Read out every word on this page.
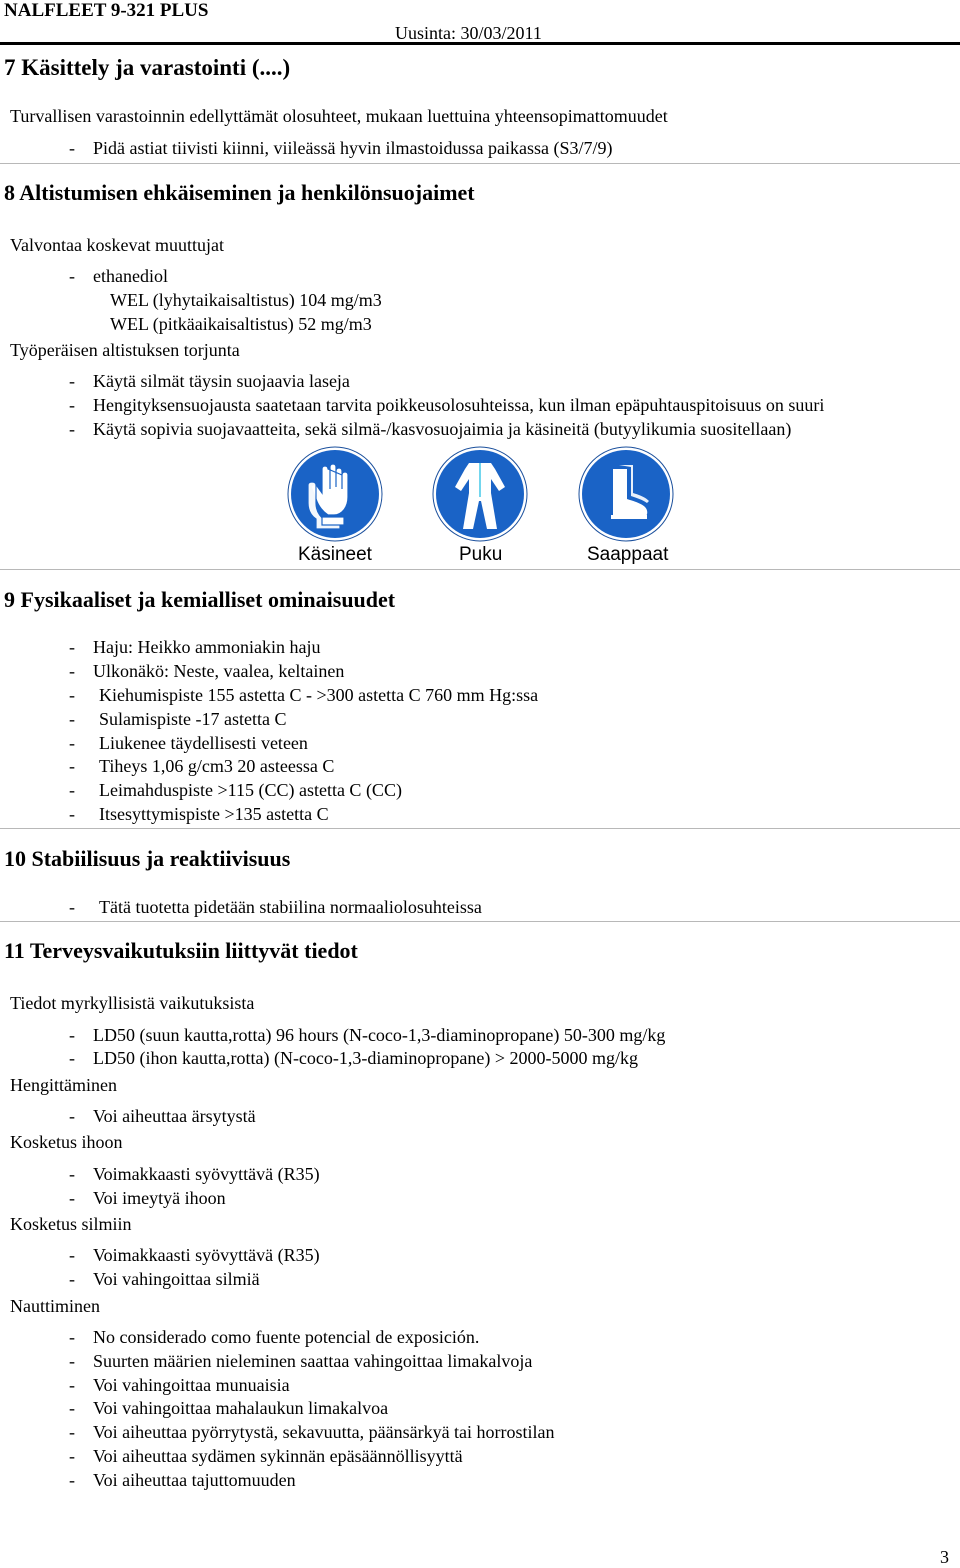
NALFLEET 9-321 PLUS
Uusinta: 30/03/2011
7 Käsittely ja varastointi (....)
Turvallisen varastoinnin edellyttämät olosuhteet, mukaan luettuina yhteensopimattomuudet
- Pidä astiat tiivisti kiinni, viileässä hyvin ilmastoidussa paikassa (S3/7/9)
8 Altistumisen ehkäiseminen ja henkilönsuojaimet
Valvontaa koskevat muuttujat
- ethanediol
WEL (lyhytaikaisaltistus) 104 mg/m3
WEL (pitkäaikaisaltistus) 52 mg/m3
Työperäisen altistuksen torjunta
- Käytä silmät täysin suojaavia laseja
- Hengityksensuojausta saatetaan tarvita poikkeusolosuhteissa, kun ilman epäpuhtauspitoisuus on suuri
- Käytä sopivia suojavaatteita, sekä silmä-/kasvosuojaimia ja käsineitä (butyylikumia suositellaan)
Käsineet	Puku	Saappaat
9 Fysikaaliset ja kemialliset ominaisuudet
- Haju: Heikko ammoniakin haju
- Ulkonäkö: Neste, vaalea, keltainen
- Kiehumispiste 155 astetta C - >300 astetta C 760 mm Hg:ssa
- Sulamispiste -17 astetta C
- Liukenee täydellisesti veteen
- Tiheys 1,06 g/cm3 20 asteessa C
- Leimahduspiste >115 (CC) astetta C (CC)
- Itsesyttymispiste >135 astetta C
10 Stabiilisuus ja reaktiivisuus
- Tätä tuotetta pidetään stabiilina normaaliolosuhteissa
11 Terveysvaikutuksiin liittyvät tiedot
Tiedot myrkyllisistä vaikutuksista
- LD50 (suun kautta,rotta) 96 hours (N-coco-1,3-diaminopropane) 50-300 mg/kg
- LD50 (ihon kautta,rotta) (N-coco-1,3-diaminopropane) > 2000-5000 mg/kg
Hengittäminen
- Voi aiheuttaa ärsytystä
Kosketus ihoon
- Voimakkaasti syövyttävä (R35)
- Voi imeytyä ihoon
Kosketus silmiin
- Voimakkaasti syövyttävä (R35)
- Voi vahingoittaa silmiä
Nauttiminen
- No considerado como fuente potencial de exposición.
- Suurten määrien nieleminen saattaa vahingoittaa limakalvoja
- Voi vahingoittaa munuaisia
- Voi vahingoittaa mahalaukun limakalvoa
- Voi aiheuttaa pyörrytystä, sekavuutta, päänsärkyä tai horrostilan
- Voi aiheuttaa sydämen sykinnän epäsäännöllisyyttä
- Voi aiheuttaa tajuttomuuden
3
